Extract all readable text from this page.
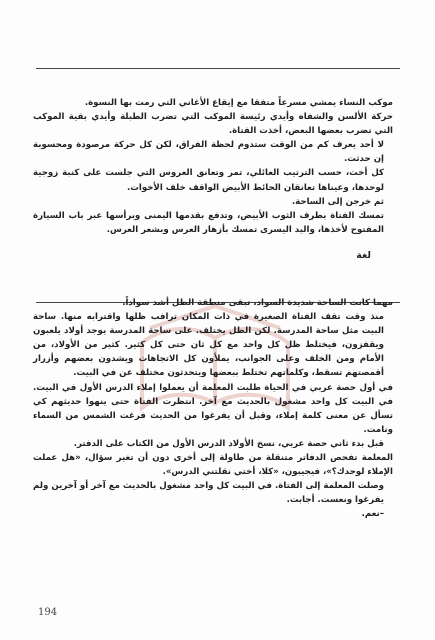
موكب النساء يمشي مسرعاً متفقا مع إيقاع الأغاني التي رمت بها النسوة.

حركة الألسن والشفاه وأيدي رئيسة الموكب التي تضرب الطبلة وأيدي بقية الموكب التي تضرب بعضها البعض، أخذت الفتاة.

لا أحد يعرف كم من الوقت ستدوم لحظة الفراق، لكن كل حركة مرصودة ومحسوبة إن حدثت.

كل أخت، حسب الترتيب العائلي، تمر وتعانق العروس التي جلست على كنبة زوجية لوحدها، وعيناها تعانقان الحائط الأبيض الواقف خلف الأخوات.

ثم خرجن إلى الساحة.

تمسك الفتاة بطرف الثوب الأبيض، وتدفع بقدمها اليمنى وبرأسها عبر باب السيارة المفتوح لأخذها، واليد اليسرى تمسك بأزهار العرس وبشعر العرس.

لغة

مهما كانت الساحة شديدة السواد، تبقى منطقة الظل أشد سواداً.

منذ وقت تقف الفتاة الصغيرة في ذات المكان ترافب ظلها واقترابه منها. ساحة البيت مثل ساحة المدرسة. لكن الظل يختلف. على ساحة المدرسة يوجد أولاد يلعبون ويقفزون، فيختلط ظل كل واحد مع كل ثان حتى كل كثير. كثير من الأولاد، من الأمام ومن الخلف وعلى الجوانب، يملأون كل الاتجاهات ويشدون بعضهم وأزرار أقمصتهم تسقط، وكلماتهم تختلط ببعضها ويتحدثون مختلف عن في البيت.

في أول حصة عربي في الحياة طلبت المعلمة أن يعملوا إملاء الدرس الأول في البيت. في البيت كل واحد مشغول بالحديث مع آخر. انتظرت الفتاة حتى ينهوا حديثهم كي تسأل عن معنى كلمة إملاء، وقبل أن يفرغوا من الحديث فرغت الشمس من السماء ونامت.

قبل بدء ثاني حصة عربي، نسخ الأولاد الدرس الأول من الكتاب على الدفتر.

المعلمة تفحص الدفاتر متنقلة من طاولة إلى أخرى دون أن تغير سؤال، «هل عملت الإملاء لوحدك؟»، فيجيبون، «كلا، أختي نقلتني الدرس».

وصلت المعلمة إلى الفتاة. في البيت كل واحد مشغول بالحديث مع آخر أو آخرين ولم يفرغوا ونعست. أجابت.

–نعم.

194
